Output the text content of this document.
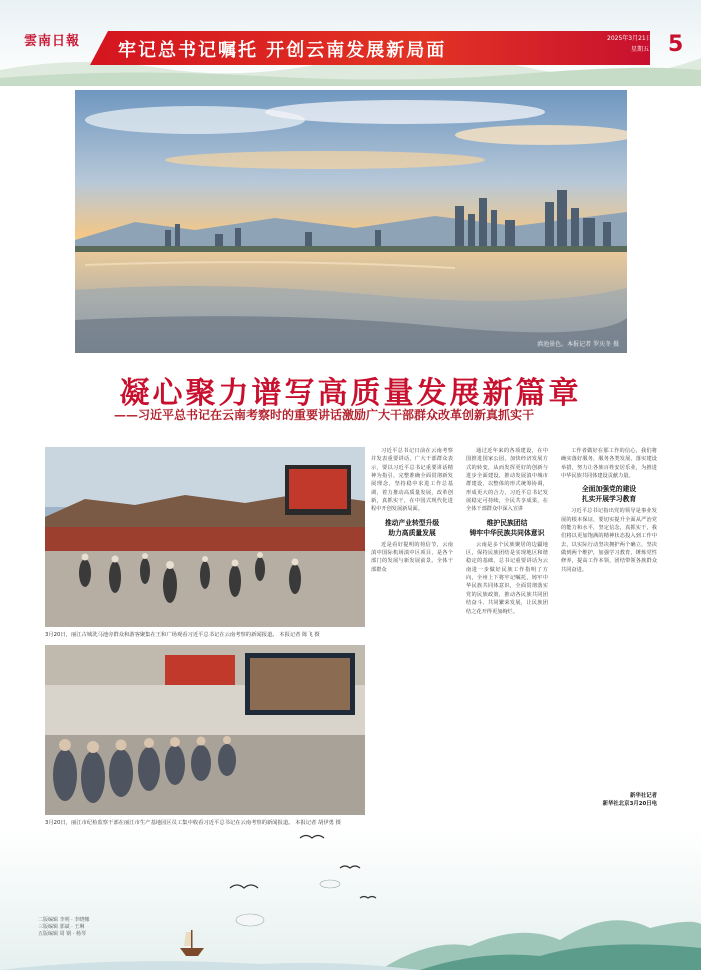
雲南日報 牢记总书记嘱托 开创云南发展新局面
2025年3月21日
星期五 5
滇池景色。本报记者 罗庆冬 摄
凝心聚力谱写高质量发展新篇章
——习近平总书记在云南考察时的重要讲话激励广大干部群众改革创新真抓实干
3月20日，丽江古城洗马池旁群众和游客聚集在王和广场观看习近平总书记在云南考察的新闻报道。 本报记者 陈飞 摄
3月20日，丽江市纪检监察干部在丽江市生产基地园区员工集中收看习近平总书记在云南考察的新闻报道。 本报记者 胡伊勇 摄

习近平总书记日前在云南考察并发表重要讲话，广大干部群众表示，要以习近平总书记重要讲话精神为指引，完整准确全面贯彻新发展理念，坚持稳中求进工作总基调，着力推动高质量发展，改革创新，真抓实干，在中国式现代化进程中开创发展新局面。

推动产业转型升级
助力高质量发展

近是看好提明的荷信节，云南滇中国际机场滇中区项目，是各个部门的发展与新发展前景。全体干部群众

通过近年来的各项建设，在中国推进国家公园，加快经济发展方式的转变，从而发挥更好的创新与进步全面建设，推动发展滇中城市群建设，以整体的形式统筹协调，形成更大的合力，习近平总书记发展稳定可持续，全民共享成果，在全体干部群众中深入宣讲

维护民族团结
铸牢中华民族共同体意识

云南是多个民族聚居的边疆地区，保持民族团结是实现地区和谐稳定的基础，总书记重要讲话为云南进一步做好民族工作指明了方向，全州上下将牢记嘱托，铸牢中华民族共同体意识，全面贯彻落实党的民族政策，推动各民族共同团结奋斗、共同繁荣发展，让民族团结之花开得更加绚烂。

工作者做好在那工作的信心，我们将确实落好服务，服务各类发展，落实建设举措，努力让各族百姓安居乐业，为推进中华民族共同体建设贡献力量。

全面加强党的建设
扎实开展学习教育

习近平总书记指出党的领导是事业发展的根本保证，要切实提升全面从严治党的能力和水平，坚定信念，真抓实干，我们将以更加饱满的精神状态投入到工作中去，以实际行动坚决拥护两个确立，坚决做到两个维护，加强学习教育，锤炼党性修养，提高工作本领，团结带领各族群众共同奋进。

新华社记者
新华社北京3月20日电
二版编辑 李明 · 李晓娜
三版编辑 郭斌 · 王琳
五版编辑 周 钢 · 杨琴
